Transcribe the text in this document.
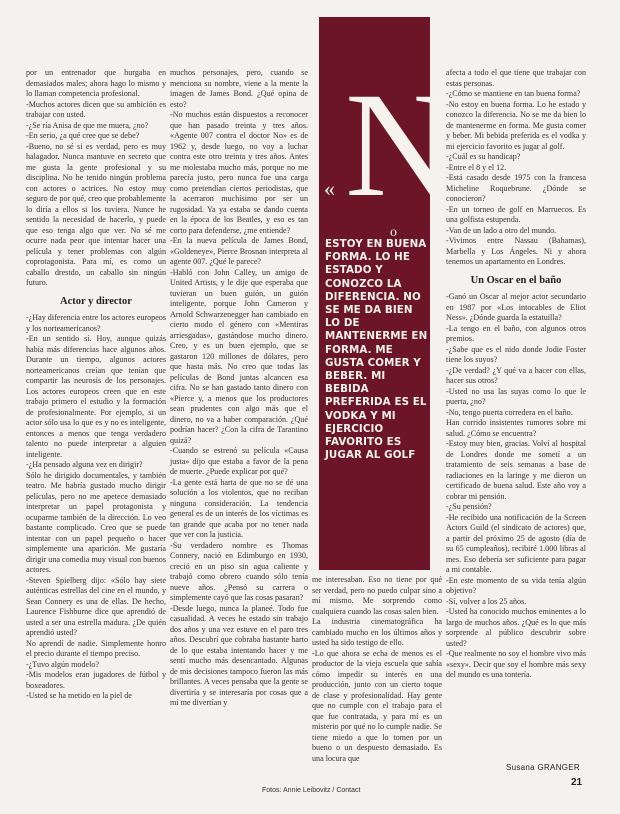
por un entrenador que hurgaba en demasiados males; ahora hago lo mismo y lo llaman competencia profesional.

-Muchos actores dicen que su ambición es trabajar con usted.

-¿Se ría Anisa de que me muera, ¿no?

-En serio, ¿a qué cree que se debe?

-Bueno, no sé si es verdad, pero es muy halagador. Nunca mantuve en secreto que me gusta la gente profesional y su disciplina. No he tenido ningún problema con actores o actrices. No estoy muy seguro de por qué, creo que probablemente lo diría a ellos si los tuviera. Nunce he sentido la necesidad de hacerlo, y puede que eso tenga algo que ver. No sé me ocurre nada peor que intentar hacer una película y tener problemas con algún coprotagonista. Para mí, es como un caballo drestdo, un caballo sin ningún futuro.

Actor y director

-¿Hay diferencia entre los actores europeos y los norteamericanos?

-En un sentido sí. Hoy, aunque quizás había más diferencias hace algunos años. Durante un tiempo, algunos actores norteamericanos creían que tenían que compartir las neurosis de los personajes. Los actores europeos creen que en este trabajo primero el estudio y la formación de profesionalmente. Por ejemplo, si un actor sólo usa lo que es y no es inteligente, entonces a menos que tenga verdadero talento no puede interpretar a alguien inteligente.

-¿Ha pensado alguna vez en dirigir?

Sólo he dirigido documentales, y también teatro. Me habría gustado mucho dirigir películas, pero no me apetece demasiado interpretar un papel protagonista y ocuparme también de la dirección. Lo veo bastante complicado. Creo que se puede intentar con un papel pequeño o hacer simplemente una aparición. Me gustaría dirigir una comedia muy visual con buenos actores.

-Steven Spielberg dijo: «Sólo hay siete auténticas estrellas del cine en el mundo, y Sean Connery es una de ellas. De hecho, Laurence Fishburne dice que aprendió de usted a ser una estrella madura. ¿De quién aprendió usted?

No aprendí de nadie. Simplemente honro el precio durante el tiempo preciso.

-¿Tuvo algún modelo?

-Mis modelos eran jugadores de fútbol y boxeadores.

-Usted se ha metido en la piel de

muchos personajes, pero, cuando se menciona su nombre, viene a la mente la imagen de James Bond. ¿Qué opina de esto?

-No muchos están dispuestos a reconocer que han pasado treinta y tres años. «Agente 007 contra el doctor No» es de 1962 y, desde luego, no voy a luchar contra este otro treinta y tres años. Antes me molestaba mucho más, porque no me parecía justo, pero nunca fue una carga como pretendían ciertos periodistas, que la acerraron muchísimo por ser un rugosidad. Ya ya estaba se dando cuenta en la época de los Beatles, y eso es tan corto para defenderse, ¿me entiende?

-En la nueva película de James Bond, «Goldeneye», Pierce Brosnan interpreta al agente 007. ¿Qué le parece?

-Habló con John Calley, un amigo de United Artists, y le dije que esperaba que tuvieran un buen guión, un guión inteligente, porque John Cameron y Arnold Schwarzenegger han cambiado en cierto modo el género con «Mentiras arriesgadas», gastándose mucho dinero. Creo, y es un buen ejemplo, que se gastaron 120 millones de dólares, pero que hasta más. No creo que todas las películas de Bond juntas alcancen esa cifra. No se han gastado tanto dinero con «Pierce y, a menos que los productores sean prudentes con algo más que el dinero, no va a haber comparación. ¿Qué podrían hacer? ¿Con la cifra de Tarantino quizá?

-Cuando se estrenó su película «Causa justa» dijo que estaba a favor de la pena de muerte. ¿Puede explicar por qué?

-La gente está harta de que no se dé una solución a los violentos, que no reciban ninguna consideración. La tendencia general es de un interés de los víctimas es tan grande que acaba por no tener nada que ver con la justicia.

-Su verdadero nombre es Thomas Connery, nació en Edimburgo en 1930, creció en un piso sin agua caliente y trabajó como obrero cuando sólo tenía nueve años. ¿Pensó su carrera o simplemente cayó que las cosas pasaran?

-Desde luego, nunca la planeé. Todo fue casualidad. A veces he estado sin trabajo dos años y una vez estuve en el paro tres años. Descubrí que cobraba bastante harto de lo que estaba intentando hacer y me sentí mucho más desencantado. Algunas de mis decisiones tampoco fueron las más brillantes. A veces pensaba que la gente se divertiría y se interesaría por cosas que a mí me divertían y

N
«
o
ESTOY EN BUENA FORMA. LO HE ESTADO Y CONOZCO LA DIFERENCIA. NO SE ME DA BIEN LO DE MANTENERME EN FORMA. ME GUSTA COMER Y BEBER. MI BEBIDA PREFERIDA ES EL VODKA Y MI EJERCICIO FAVORITO ES JUGAR AL GOLF

me interesaban. Eso no tiene por qué ser verdad, pero no puedo culpar sino a mí mismo. Me sorprendo como cualquiera cuando las cosas salen bien.

La industria cinematográfica ha cambiado mucho en los últimos años y usted ha sido testigo de ello.

-Lo que ahora se echa de menos es el productor de la vieja escuela que sabía cómo impedir su interés en una producción, junto con un cierto toque de clase y profesionalidad. Hay gente que no cumple con el trabajo para el que fue contratada, y para mí es un misterio por qué no lo cumple nadie. Se tiene miedo a que lo tomen por un bueno o un despuesto demasiado. Es una locura que

afecta a todo el que tiene que trabajar con estas personas.

-¿Cómo se mantiene en tan buena forma?

-No estoy en buena forma. Lo he estado y conozco la diferencia. No se me da bien lo de mantenerme en forma. Me gusta comer y beber. Mi bebida preferida es el vodka y mi ejercicio favorito es jugar al golf.

-¿Cuál es su handicap?

-Entre el 8 y el 12.

-Está casado desde 1975 con la francesa Micheline Roquebrune. ¿Dónde se conocieron?

-En un torneo de golf en Marruecos. Es una golfista estupenda.

-Van de un lado a otro del mundo.

-Vivimos entre Nassau (Bahamas), Marbella y Los Ángeles. Ni y ahora tenemos un apartamento en Londres.

Un Oscar en el baño

-Ganó un Oscar al mejor actor secundario en 1987 por «Los intocables de Eliot Ness». ¿Dónde guarda la estatuilla?

-La tengo en el baño, con algunos otros premios.

-¿Sabe que es el nido donde Jodie Foster tiene los suyos?

-¿De verdad? ¿Y qué va a hacer con ellas, hacer sus otros?

-Usted no usa las suyas como lo que le puerta, ¿no?

-No, tengo puerta corredera en el baño.

Han corrido insistentes rumores sobre mi salud. ¿Cómo se encuentra?

-Estoy muy bien, gracias. Volví al hospital de Londres donde me sometí a un tratamiento de seis semanas a base de radiaciones en la laringe y me dieron un certificado de buena salud. Este año voy a cobrar mi pensión.

-¿Su pensión?

-He recibido una notificación de la Screen Actors Guild (el sindicato de actores) que, a partir del próximo 25 de agosto (día de su 65 cumpleaños), recibiré 1.000 libras al mes. Eso debería ser suficiente para pagar a mi contable.

-En este momento de su vida tenía algún objetivo?

-Sí, volver a los 25 años.

-Usted ha conocido muchos eminentes a lo largo de muchos años. ¿Qué es lo que más sorprende al público descubrir sobre usted?

-Que realmente no soy el hombre vivo más «sexy». Decir que soy el hombre más sexy del mundo es una tontería.

Susana GRANGER
Fotos: Annie Leibovitz / Contact
21
